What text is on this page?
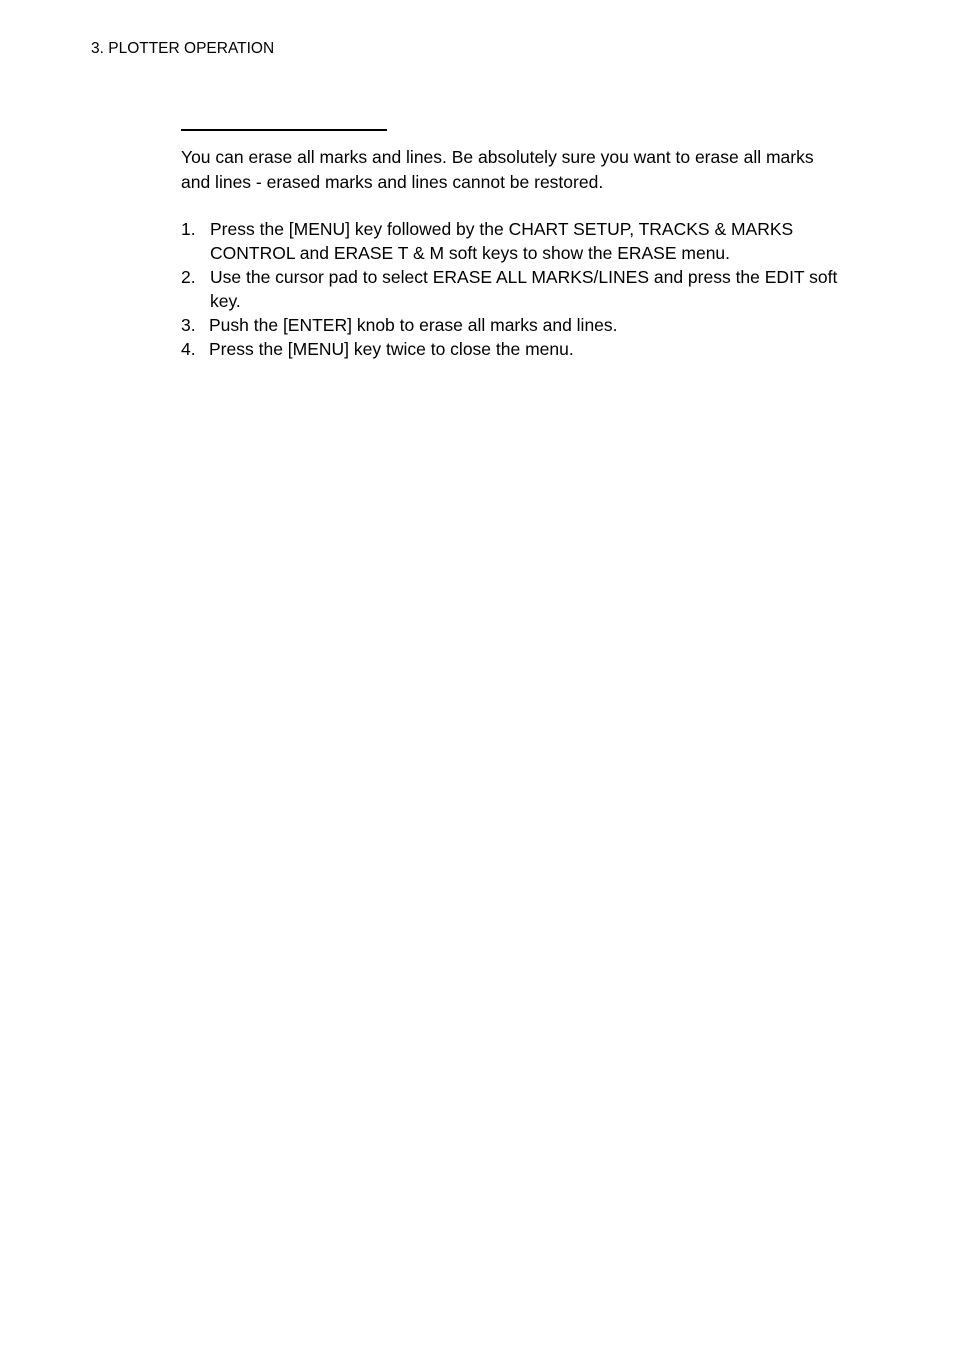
3. PLOTTER OPERATION

You can erase all marks and lines. Be absolutely sure you want to erase all marks and lines - erased marks and lines cannot be restored.

1. Press the [MENU] key followed by the CHART SETUP, TRACKS & MARKS CONTROL and ERASE T & M soft keys to show the ERASE menu.
2. Use the cursor pad to select ERASE ALL MARKS/LINES and press the EDIT soft key.
3. Push the [ENTER] knob to erase all marks and lines.
4. Press the [MENU] key twice to close the menu.
